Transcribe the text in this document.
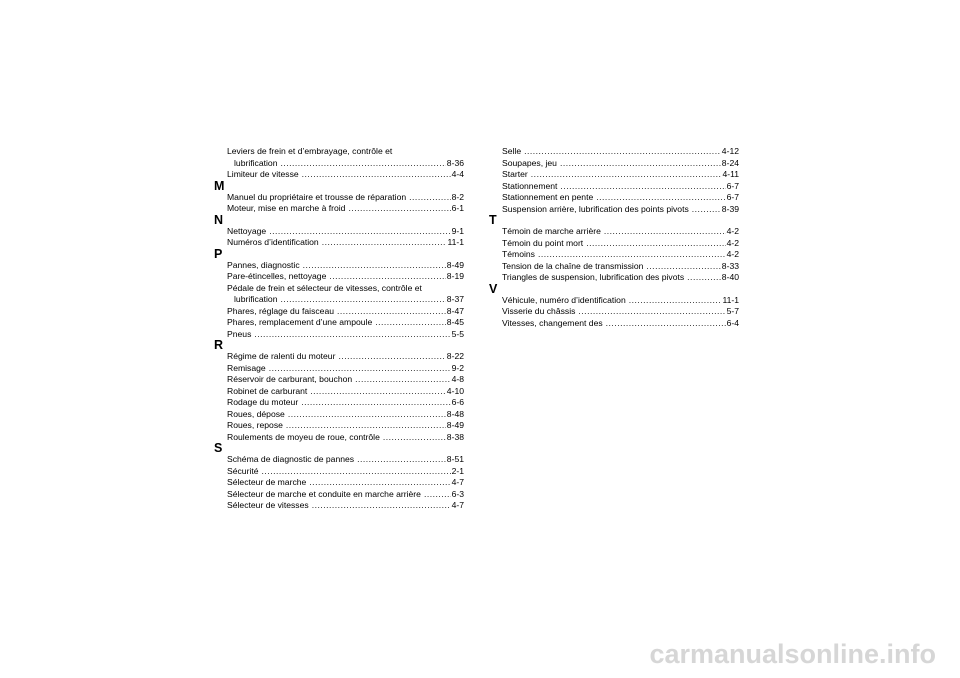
Leviers de frein et d’embrayage, contrôle et
lubrification .....	8-36
Limiteur de vitesse .....	4-4
M
Manuel du propriétaire et trousse de réparation .....	8-2
Moteur, mise en marche à froid .....	6-1
N
Nettoyage .....	9-1
Numéros d’identification .....	11-1
P
Pannes, diagnostic .....	8-49
Pare-étincelles, nettoyage .....	8-19
Pédale de frein et sélecteur de vitesses, contrôle et
lubrification .....	8-37
Phares, réglage du faisceau .....	8-47
Phares, remplacement d’une ampoule .....	8-45
Pneus .....	5-5
R
Régime de ralenti du moteur .....	8-22
Remisage .....	9-2
Réservoir de carburant, bouchon .....	4-8
Robinet de carburant .....	4-10
Rodage du moteur .....	6-6
Roues, dépose .....	8-48
Roues, repose .....	8-49
Roulements de moyeu de roue, contrôle .....	8-38
S
Schéma de diagnostic de pannes .....	8-51
Sécurité .....	2-1
Sélecteur de marche .....	4-7
Sélecteur de marche et conduite en marche arrière .....	6-3
Sélecteur de vitesses .....	4-7
Selle .....	4-12
Soupapes, jeu .....	8-24
Starter .....	4-11
Stationnement .....	6-7
Stationnement en pente .....	6-7
Suspension arrière, lubrification des points pivots .....	8-39
T
Témoin de marche arrière .....	4-2
Témoin du point mort .....	4-2
Témoins .....	4-2
Tension de la chaîne de transmission .....	8-33
Triangles de suspension, lubrification des pivots .....	8-40
V
Véhicule, numéro d’identification .....	11-1
Visserie du châssis .....	5-7
Vitesses, changement des .....	6-4
carmanualsonline.info
